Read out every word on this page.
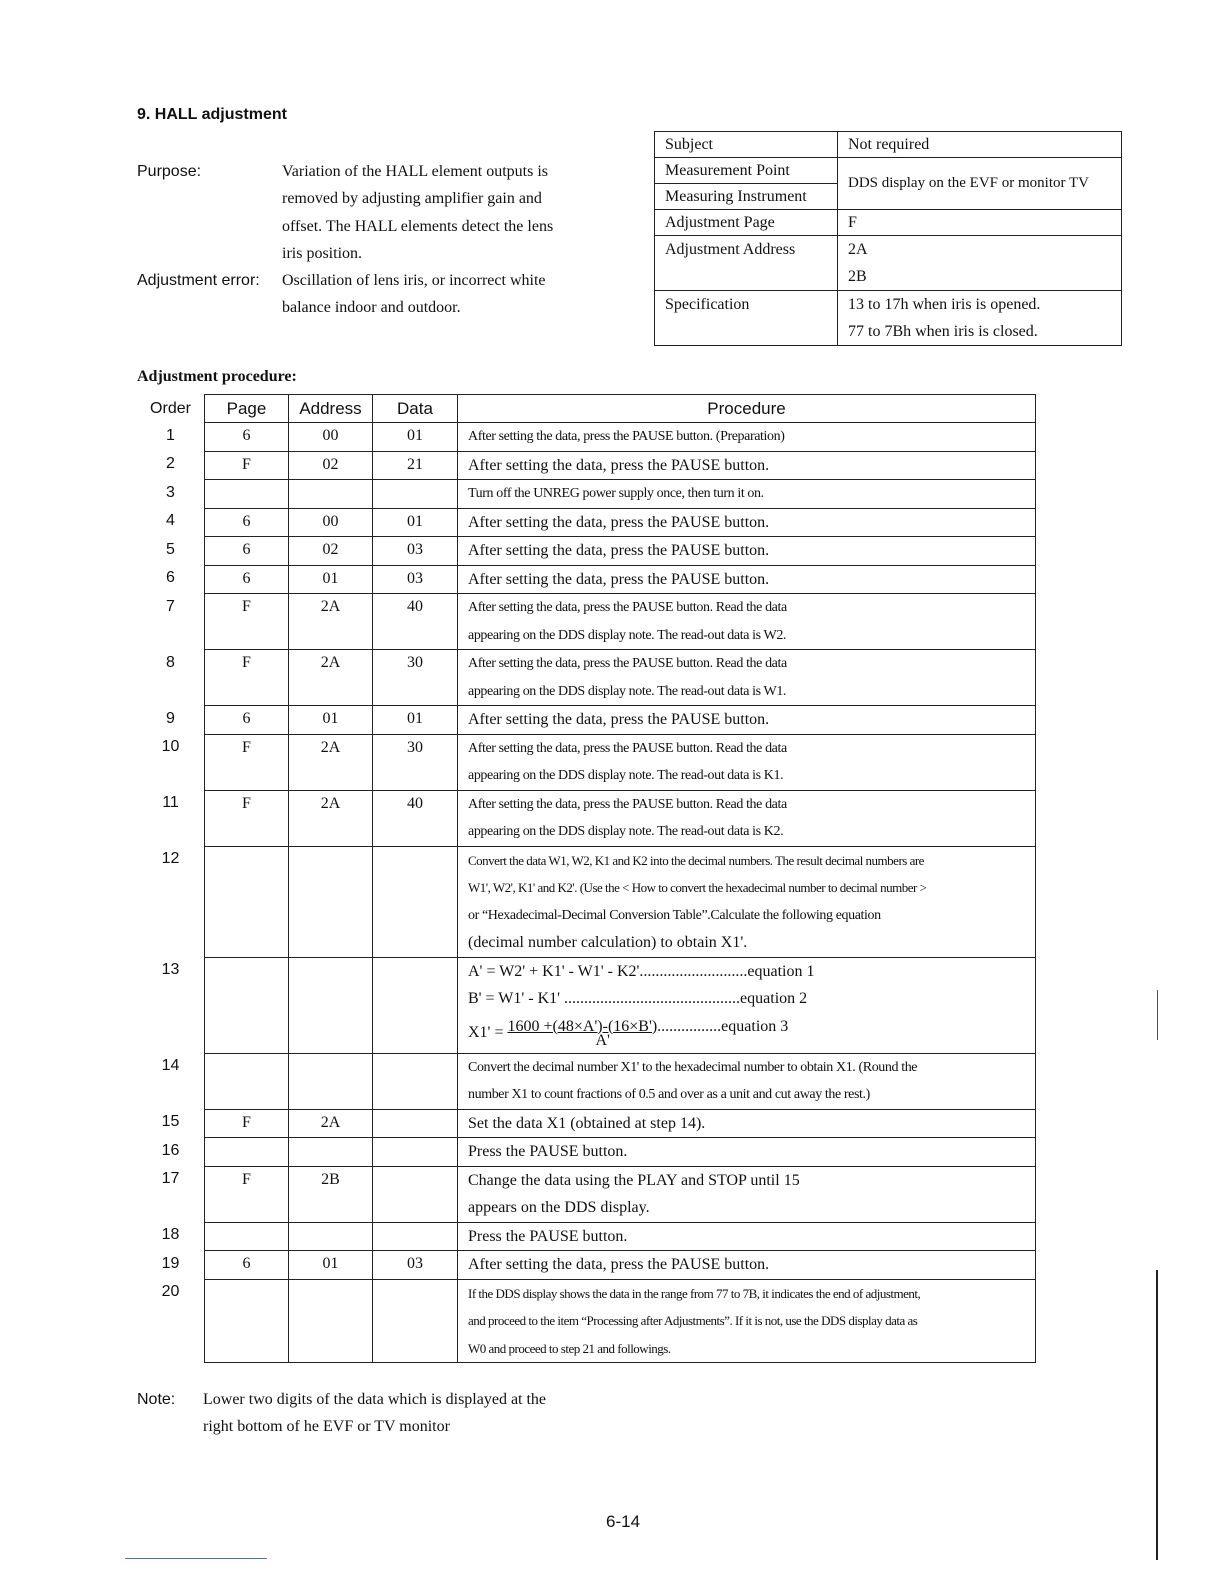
9. HALL adjustment
Purpose:	Variation of the HALL element outputs is
removed by adjusting amplifier gain and
offset. The HALL elements detect the lens
iris position.
Adjustment error:	Oscillation of lens iris, or incorrect white
balance indoor and outdoor.
Subject	Not required
Measurement Point	DDS display on the EVF or monitor TV
Measuring Instrument	
Adjustment Page	F

Adjustment Address	2A
2B

Specification	13 to 17h when iris is opened.
77 to 7Bh when iris is closed.
Adjustment procedure:
Order	Page	Address	Data	Procedure
1	6	00	01	After setting the data, press the PAUSE button. (Preparation)

2	F	02	21	After setting the data, press the PAUSE button.

3				Turn off the UNREG power supply once, then turn it on.

4	6	00	01	After setting the data, press the PAUSE button.

5	6	02	03	After setting the data, press the PAUSE button.

6	6	01	03	After setting the data, press the PAUSE button.

7	F	2A	40	After setting the data, press the PAUSE button. Read the data
appearing on the DDS display note. The read-out data is W2.

8	F	2A	30	After setting the data, press the PAUSE button. Read the data
appearing on the DDS display note. The read-out data is W1.

9	6	01	01	After setting the data, press the PAUSE button.

10	F	2A	30	After setting the data, press the PAUSE button. Read the data
appearing on the DDS display note. The read-out data is K1.

11	F	2A	40	After setting the data, press the PAUSE button. Read the data
appearing on the DDS display note. The read-out data is K2.

12				Convert the data W1, W2, K1 and K2 into the decimal numbers. The result decimal numbers are
W1', W2', K1' and K2'. (Use the < How to convert the hexadecimal number to decimal number >
or “Hexadecimal-Decimal Conversion Table”.Calculate the following equation
(decimal number calculation) to obtain X1'.

13				A' = W2' + K1' - W1' - K2'...........................equation 1
B' = W1' - K1' ............................................equation 2
X1' = 1600 +(48×A')-(16×B')
A'
................equation 3

14				Convert the decimal number X1' to the hexadecimal number to obtain X1. (Round the
number X1 to count fractions of 0.5 and over as a unit and cut away the rest.)

15	F	2A		Set the data X1 (obtained at step 14).

16				Press the PAUSE button.

17	F	2B		Change the data using the PLAY and STOP until 15
appears on the DDS display.

18				Press the PAUSE button.

19	6	01	03	After setting the data, press the PAUSE button.

20				If the DDS display shows the data in the range from 77 to 7B, it indicates the end of adjustment,
and proceed to the item “Processing after Adjustments”. If it is not, use the DDS display data as
W0 and proceed to step 21 and followings.
Note:	Lower two digits of the data which is displayed at the
right bottom of he EVF or TV monitor
6-14
